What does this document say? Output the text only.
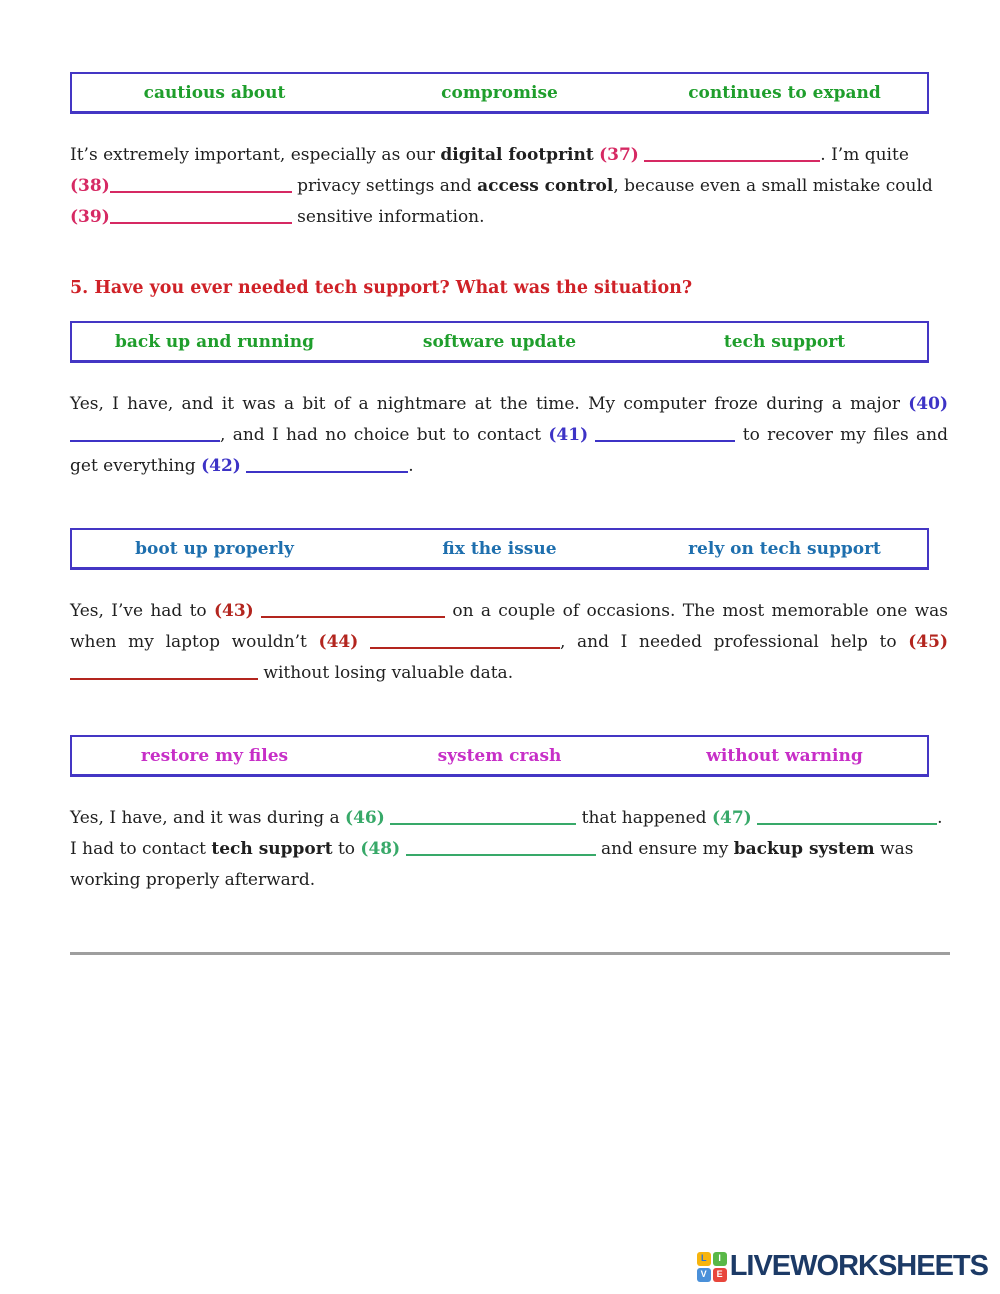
cautious about	compromise	continues to expand

It’s extremely important, especially as our digital footprint (37)	. I’m quite (38)	privacy settings and access control, because even a small mistake could (39)	sensitive information.

5. Have you ever needed tech support? What was the situation?
back up and running	software update	tech support

Yes, I have, and it was a bit of a nightmare at the time. My computer froze during a major (40), and I had no choice but to contact (41)	to recover my files and get everything (42)	.

boot up properly	fix the issue	rely on tech support

Yes, I’ve had to (43)	on a couple of occasions. The most memorable one was when my laptop wouldn’t (44)	, and I needed professional help to (45)  without losing valuable data.

restore my files	system crash	without warning

Yes, I have, and it was during a (46)	that happened (47)	. I had to contact tech support to (48)	and ensure my backup system was working properly afterward.

L	I
V	E LIVEWORKSHEETS
